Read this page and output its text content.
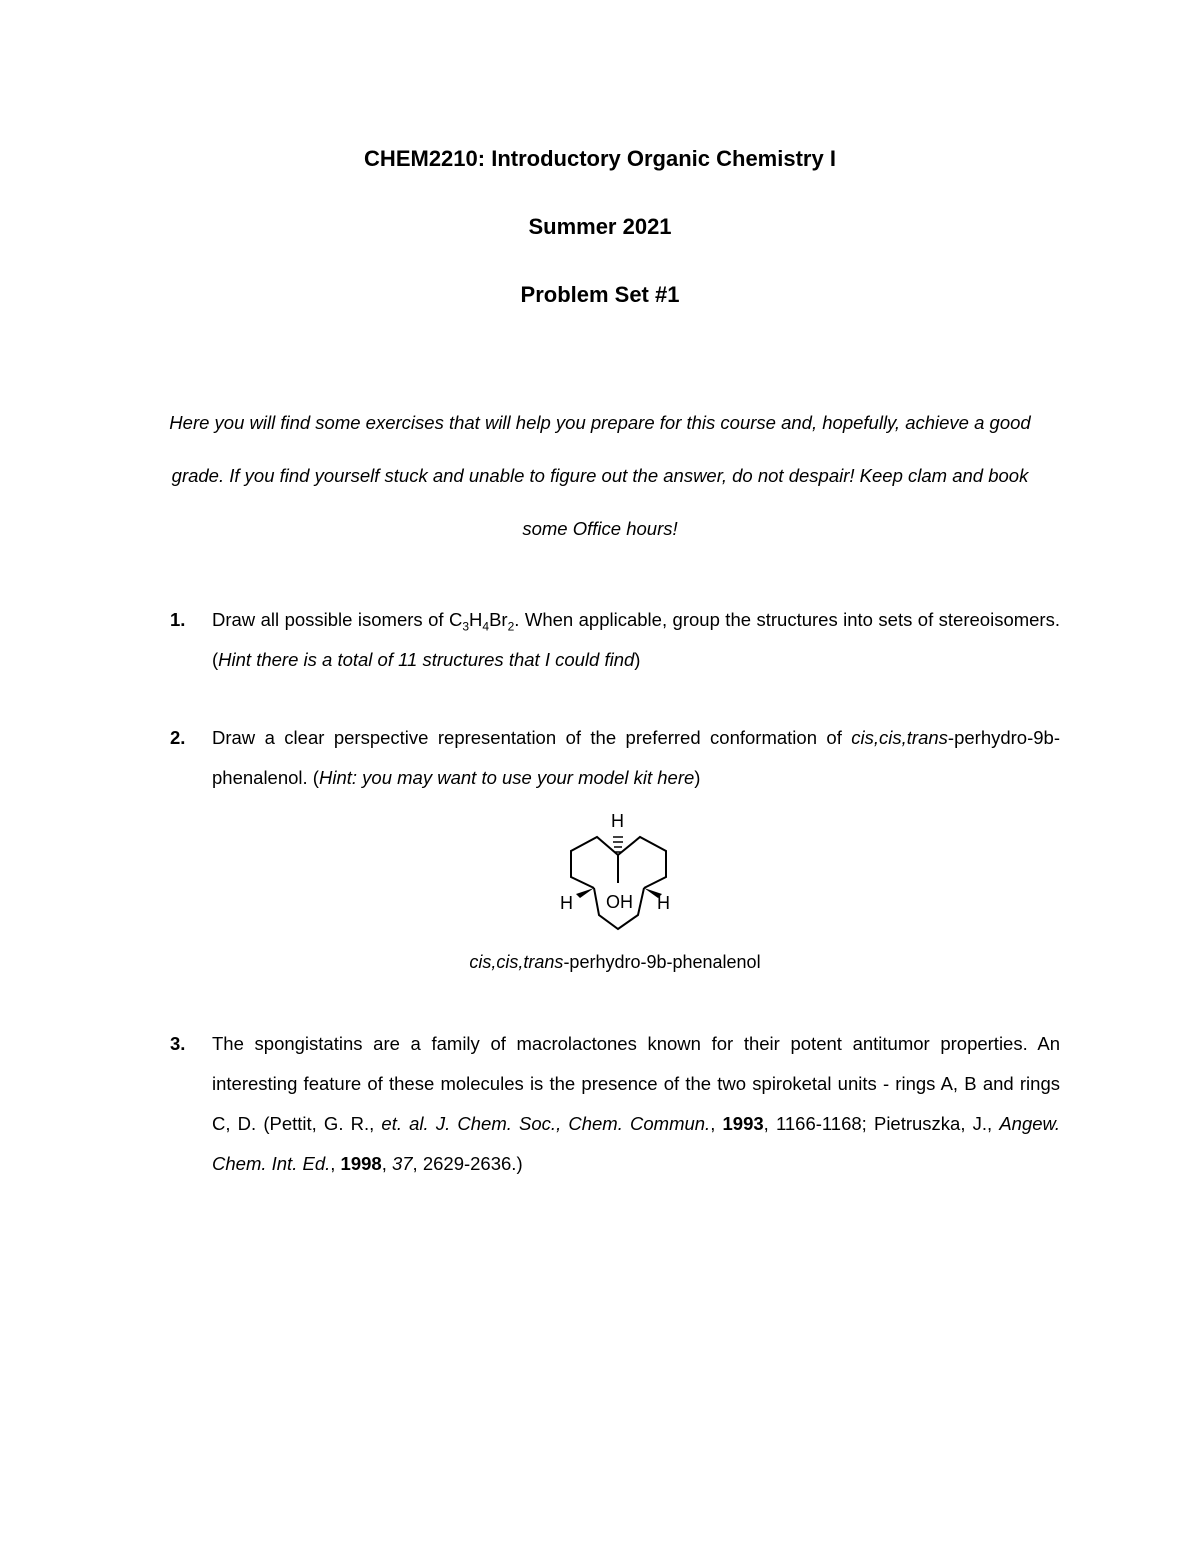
CHEM2210: Introductory Organic Chemistry I
Summer 2021
Problem Set #1
Here you will find some exercises that will help you prepare for this course and, hopefully, achieve a good
grade. If you find yourself stuck and unable to figure out the answer, do not despair! Keep clam and book
some Office hours!
1. Draw all possible isomers of $C_3H_4Br_2$. When applicable, group the structures into sets of stereoisomers. (Hint there is a total of 11 structures that I could find)
2. Draw a clear perspective representation of the preferred conformation of cis,cis,trans-perhydro-9b-phenalenol. (Hint: you may want to use your model kit here)
H
H OH H
cis,cis,trans-perhydro-9b-phenalenol
3. The spongistatins are a family of macrolactones known for their potent antitumor properties. An interesting feature of these molecules is the presence of the two spiroketal units - rings A, B and rings C, D. (Pettit, G. R., et. al. J. Chem. Soc., Chem. Commun., 1993, 1166-1168; Pietruszka, J., Angew. Chem. Int. Ed., 1998, 37, 2629-2636.)
